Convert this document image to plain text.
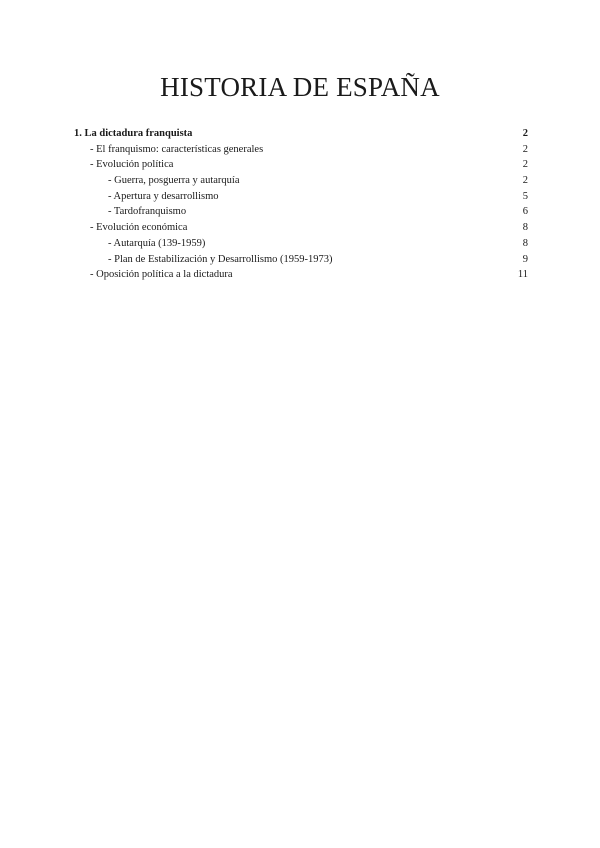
HISTORIA DE ESPAÑA
1. La dictadura franquista	2
- El franquismo: características generales	2
- Evolución política	2
- Guerra, posguerra y autarquía	2
- Apertura y desarrollismo	5
- Tardofranquismo	6
- Evolución económica	8
- Autarquía (139-1959)	8
- Plan de Estabilización y Desarrollismo (1959-1973)	9
- Oposición política a la dictadura	11
